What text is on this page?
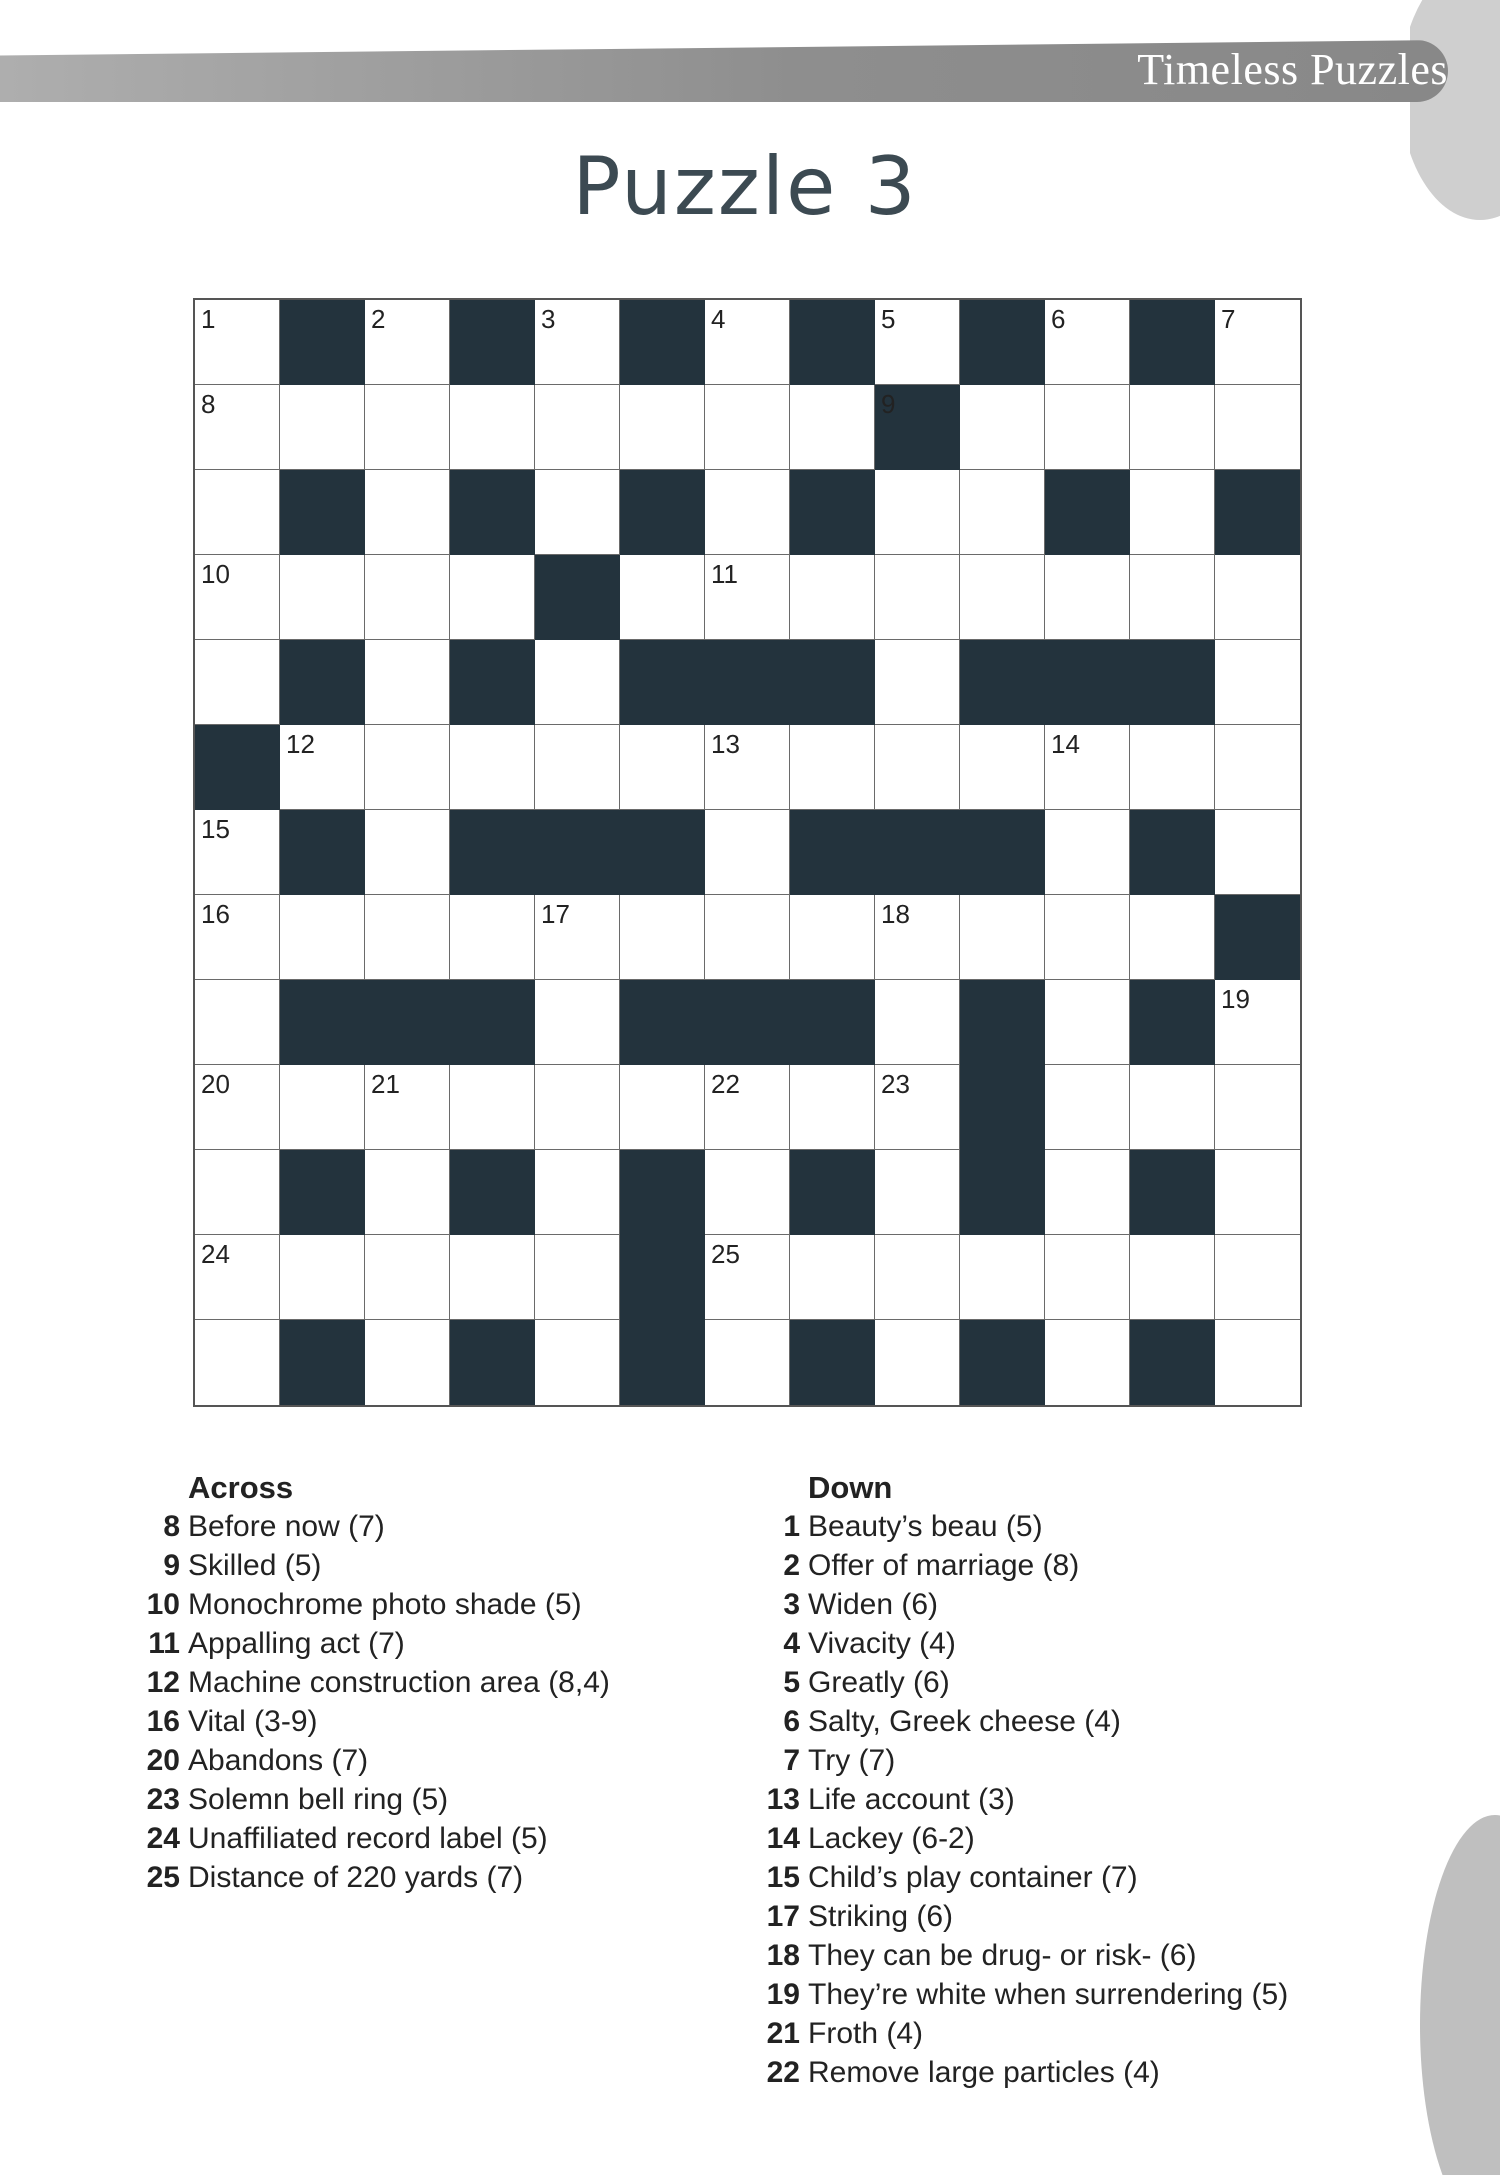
Timeless Puzzles
Puzzle 3
1	2	3	4	5	6	7
8	9
10	11
12	13	14
15
16	17	18
19
20	21	22	23
24	25
Across
8 Before now (7)
9 Skilled (5)
10 Monochrome photo shade (5)
11 Appalling act (7)
12 Machine construction area (8,4)
16 Vital (3-9)
20 Abandons (7)
23 Solemn bell ring (5)
24 Unaffiliated record label (5)
25 Distance of 220 yards (7)
Down
1 Beauty’s beau (5)
2 Offer of marriage (8)
3 Widen (6)
4 Vivacity (4)
5 Greatly (6)
6 Salty, Greek cheese (4)
7 Try (7)
13 Life account (3)
14 Lackey (6-2)
15 Child’s play container (7)
17 Striking (6)
18 They can be drug- or risk- (6)
19 They’re white when surrendering (5)
21 Froth (4)
22 Remove large particles (4)
